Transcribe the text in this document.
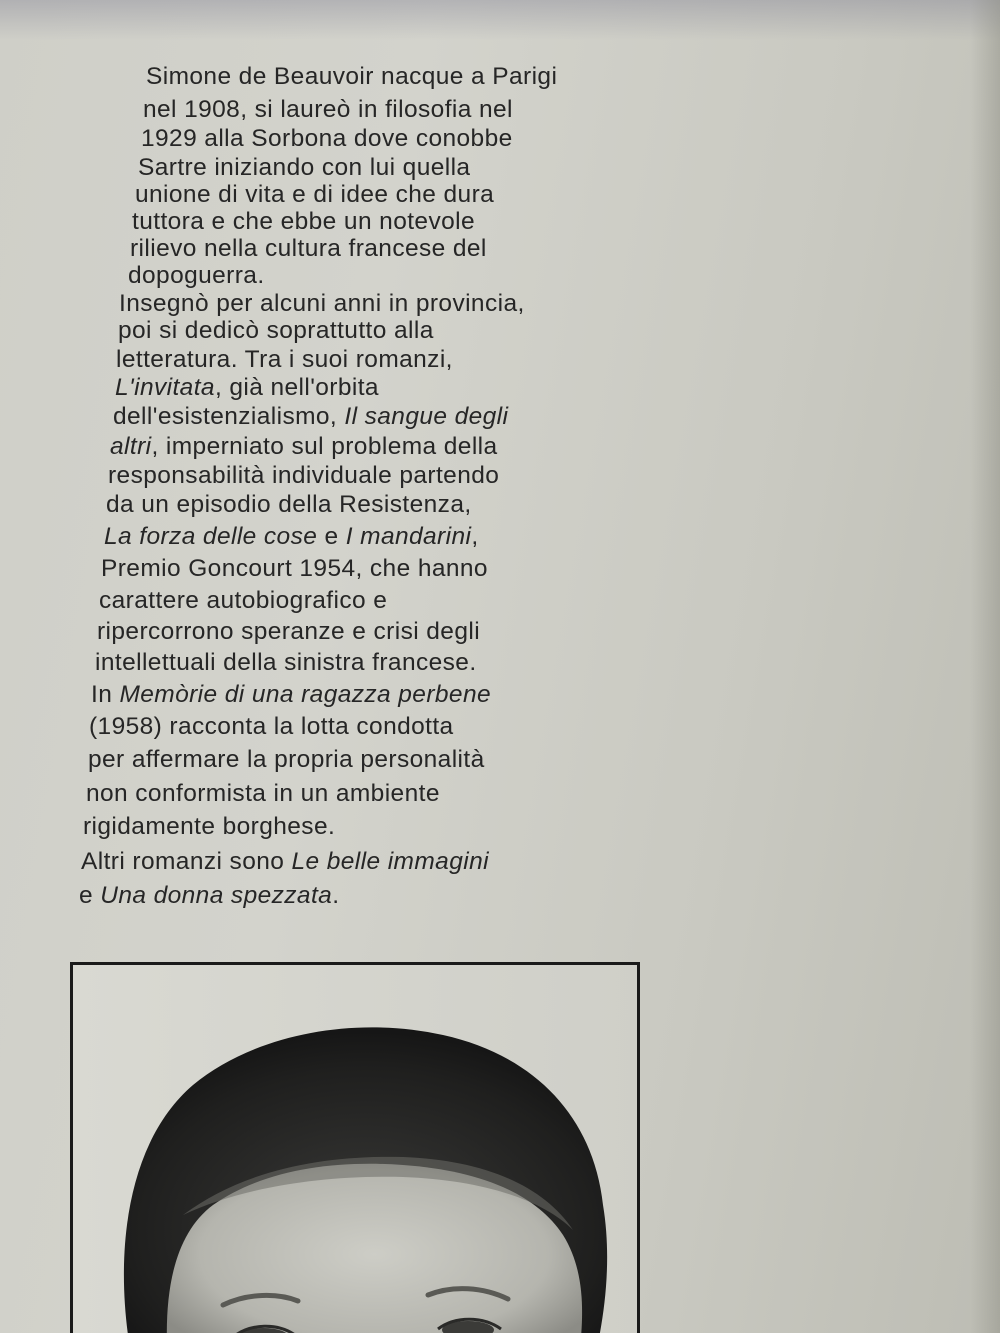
Simone de Beauvoir nacque a Parigi
nel 1908, si laureò in filosofia nel
1929 alla Sorbona dove conobbe
Sartre iniziando con lui quella
unione di vita e di idee che dura
tuttora e che ebbe un notevole
rilievo nella cultura francese del
dopoguerra.
Insegnò per alcuni anni in provincia,
poi si dedicò soprattutto alla
letteratura. Tra i suoi romanzi,
L'invitata, già nell'orbita
dell'esistenzialismo, Il sangue degli
altri, imperniato sul problema della
responsabilità individuale partendo
da un episodio della Resistenza,
La forza delle cose e I mandarini,
Premio Goncourt 1954, che hanno
carattere autobiografico e
ripercorrono speranze e crisi degli
intellettuali della sinistra francese.
In Memòrie di una ragazza perbene
(1958) racconta la lotta condotta
per affermare la propria personalità
non conformista in un ambiente
rigidamente borghese.
Altri romanzi sono Le belle immagini
e Una donna spezzata.
